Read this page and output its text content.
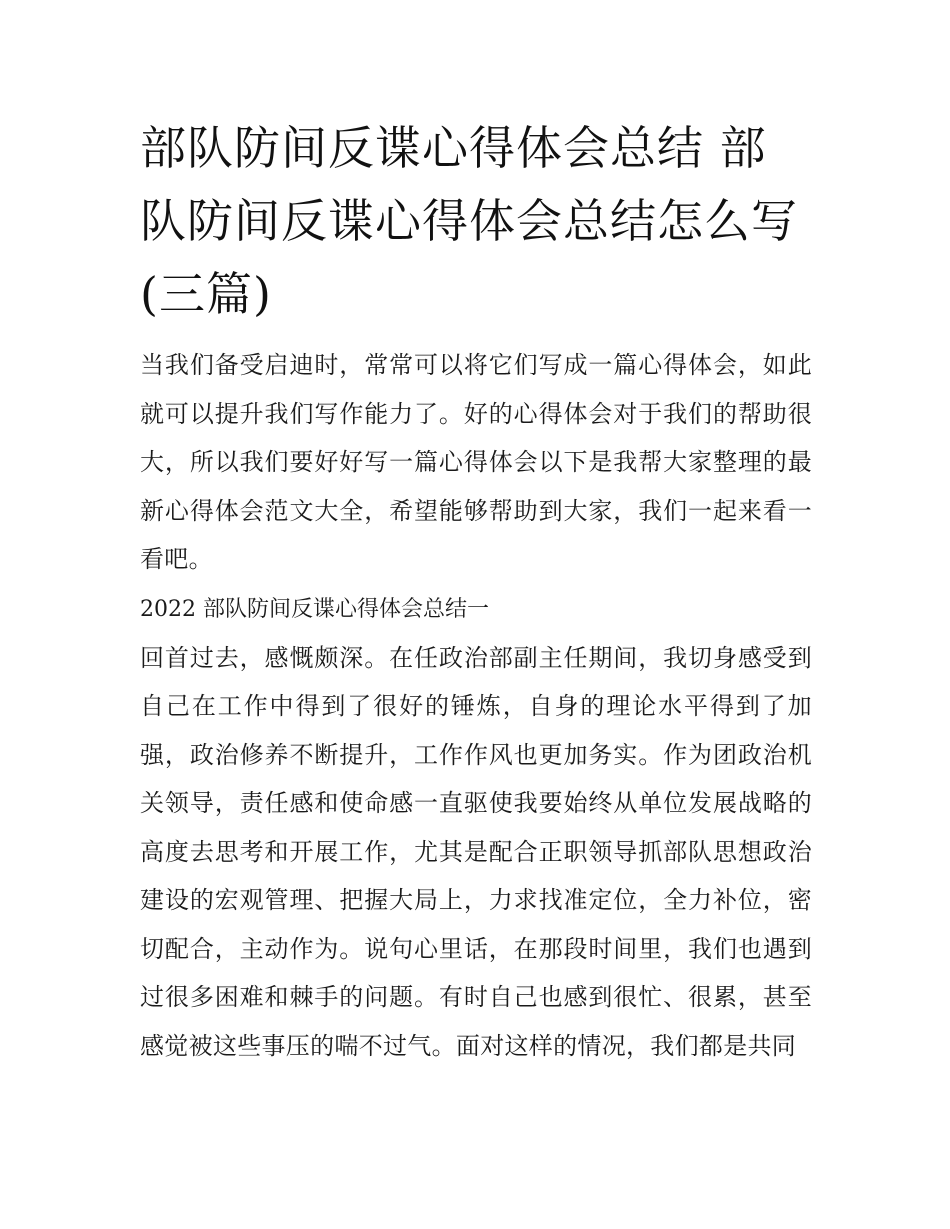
部队防间反谍心得体会总结 部队防间反谍心得体会总结怎么写(三篇)

当我们备受启迪时，常常可以将它们写成一篇心得体会，如此就可以提升我们写作能力了。好的心得体会对于我们的帮助很大，所以我们要好好写一篇心得体会以下是我帮大家整理的最新心得体会范文大全，希望能够帮助到大家，我们一起来看一看吧。

2022 部队防间反谍心得体会总结一

回首过去，感慨颇深。在任政治部副主任期间，我切身感受到自己在工作中得到了很好的锤炼，自身的理论水平得到了加强，政治修养不断提升，工作作风也更加务实。作为团政治机关领导，责任感和使命感一直驱使我要始终从单位发展战略的高度去思考和开展工作，尤其是配合正职领导抓部队思想政治建设的宏观管理、把握大局上，力求找准定位，全力补位，密切配合，主动作为。说句心里话，在那段时间里，我们也遇到过很多困难和棘手的问题。有时自己也感到很忙、很累，甚至感觉被这些事压的喘不过气。面对这样的情况，我们都是共同
